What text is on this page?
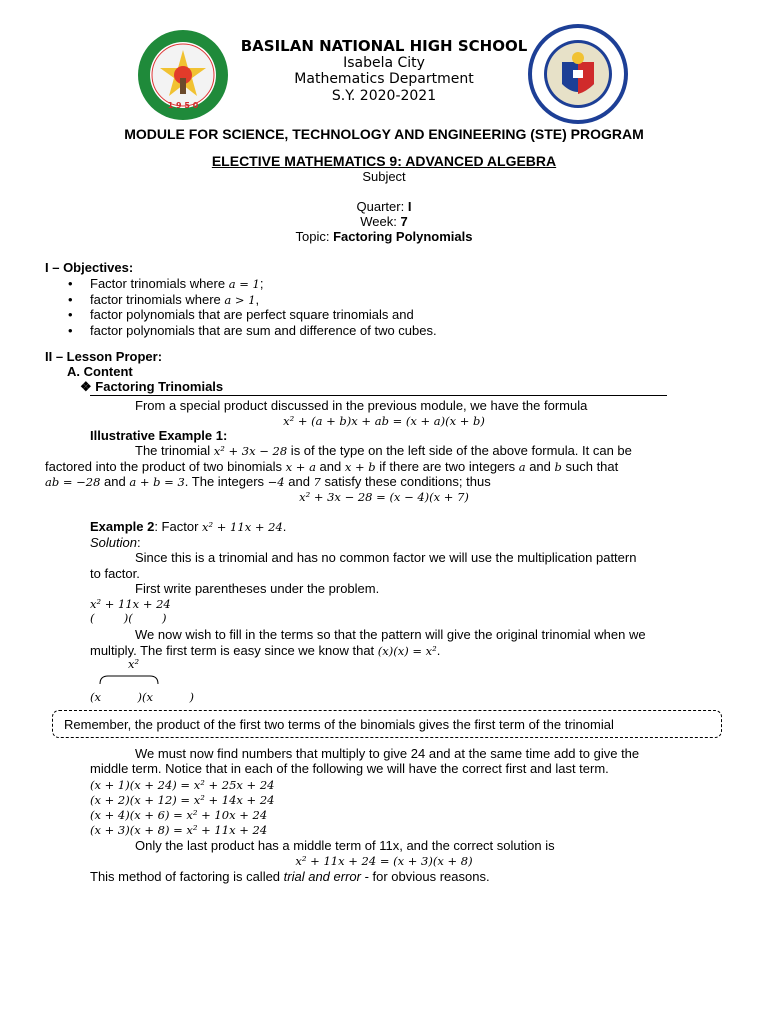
1 9 5 0
BASILAN NATIONAL HIGH SCHOOL
Isabela City
Mathematics Department
S.Y. 2020-2021
MODULE FOR SCIENCE, TECHNOLOGY AND ENGINEERING (STE) PROGRAM
ELECTIVE MATHEMATICS 9: ADVANCED ALGEBRA
Subject
Quarter: I
Week: 7
Topic: Factoring Polynomials
I – Objectives:
• Factor trinomials where a = 1;
• factor trinomials where a > 1,
• factor polynomials that are perfect square trinomials and
• factor polynomials that are sum and difference of two cubes.
II – Lesson Proper:
A. Content
❖ Factoring Trinomials
From a special product discussed in the previous module, we have the formula
x² + (a + b)x + ab = (x + a)(x + b)
Illustrative Example 1:
The trinomial x² + 3x − 28 is of the type on the left side of the above formula. It can be
factored into the product of two binomials x + a and x + b if there are two integers a and b such that
ab = −28 and a + b = 3. The integers −4 and 7 satisfy these conditions; thus
x² + 3x − 28 = (x − 4)(x + 7)
Example 2: Factor x² + 11x + 24.
Solution:
Since this is a trinomial and has no common factor we will use the multiplication pattern
to factor.
First write parentheses under the problem.
x² + 11x + 24
(        )(        )
We now wish to fill in the terms so that the pattern will give the original trinomial when we
multiply. The first term is easy since we know that (x)(x) = x².
x²
(x          )(x          )
Remember, the product of the first two terms of the binomials gives the first term of the trinomial
We must now find numbers that multiply to give 24 and at the same time add to give the
middle term. Notice that in each of the following we will have the correct first and last term.
(x + 1)(x + 24) = x² + 25x + 24
(x + 2)(x + 12) = x² + 14x + 24
(x + 4)(x + 6) = x² + 10x + 24
(x + 3)(x + 8) = x² + 11x + 24
Only the last product has a middle term of 11x, and the correct solution is
x² + 11x + 24 = (x + 3)(x + 8)
This method of factoring is called trial and error - for obvious reasons.
